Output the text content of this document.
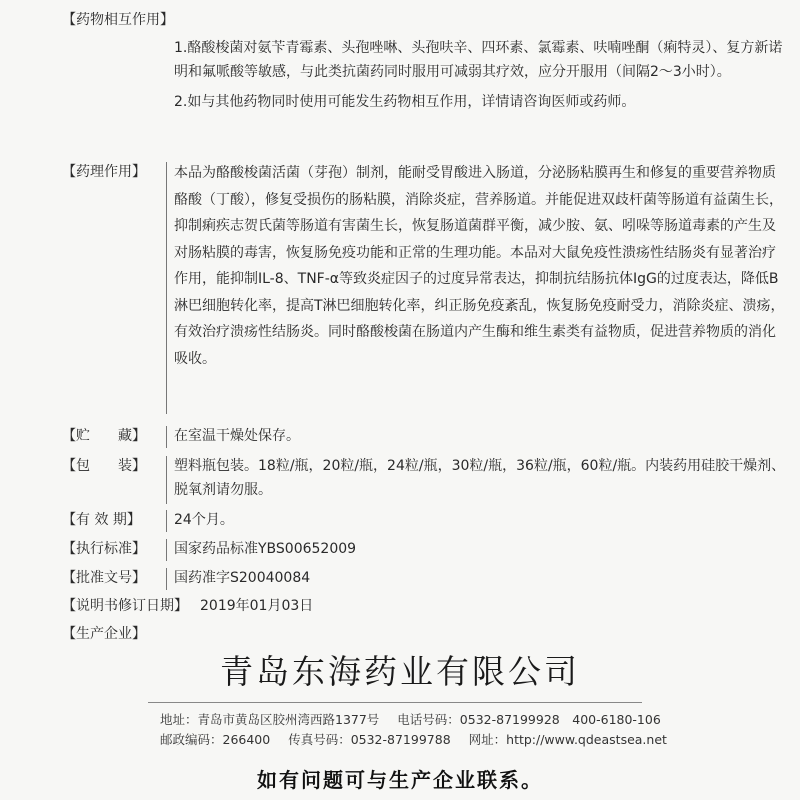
【药物相互作用】
1.酪酸梭菌对氨苄青霉素、头孢唑啉、头孢呋辛、四环素、氯霉素、呋喃唑酮（痢特灵）、复方新诺明和氟哌酸等敏感，与此类抗菌药同时服用可减弱其疗效，应分开服用（间隔2～3小时）。
2.如与其他药物同时使用可能发生药物相互作用，详情请咨询医师或药师。
【药理作用】	本品为酪酸梭菌活菌（芽孢）制剂，能耐受胃酸进入肠道，分泌肠粘膜再生和修复的重要营养物质酪酸（丁酸），修复受损伤的肠粘膜，消除炎症，营养肠道。并能促进双歧杆菌等肠道有益菌生长，抑制痢疾志贺氏菌等肠道有害菌生长，恢复肠道菌群平衡，减少胺、氨、吲哚等肠道毒素的产生及对肠粘膜的毒害，恢复肠免疫功能和正常的生理功能。本品对大鼠免疫性溃疡性结肠炎有显著治疗作用，能抑制IL-8、TNF-α等致炎症因子的过度异常表达，抑制抗结肠抗体IgG的过度表达，降低B淋巴细胞转化率，提高T淋巴细胞转化率，纠正肠免疫紊乱，恢复肠免疫耐受力，消除炎症、溃疡，有效治疗溃疡性结肠炎。同时酪酸梭菌在肠道内产生酶和维生素类有益物质，促进营养物质的消化吸收。
【贮　　藏】	在室温干燥处保存。
【包　　装】	塑料瓶包装。18粒/瓶，20粒/瓶，24粒/瓶，30粒/瓶，36粒/瓶，60粒/瓶。内装药用硅胶干燥剂、脱氧剂请勿服。
【有 效 期】	24个月。
【执行标准】	国家药品标准YBS00652009
【批准文号】	国药准字S20040084
【说明书修订日期】 2019年01月03日
【生产企业】
青岛东海药业有限公司
地址：青岛市黄岛区胶州湾西路1377号 电话号码：0532-87199928　400-6180-106
邮政编码：266400 传真号码：0532-87199788 网址：http://www.qdeastsea.net
如有问题可与生产企业联系。
